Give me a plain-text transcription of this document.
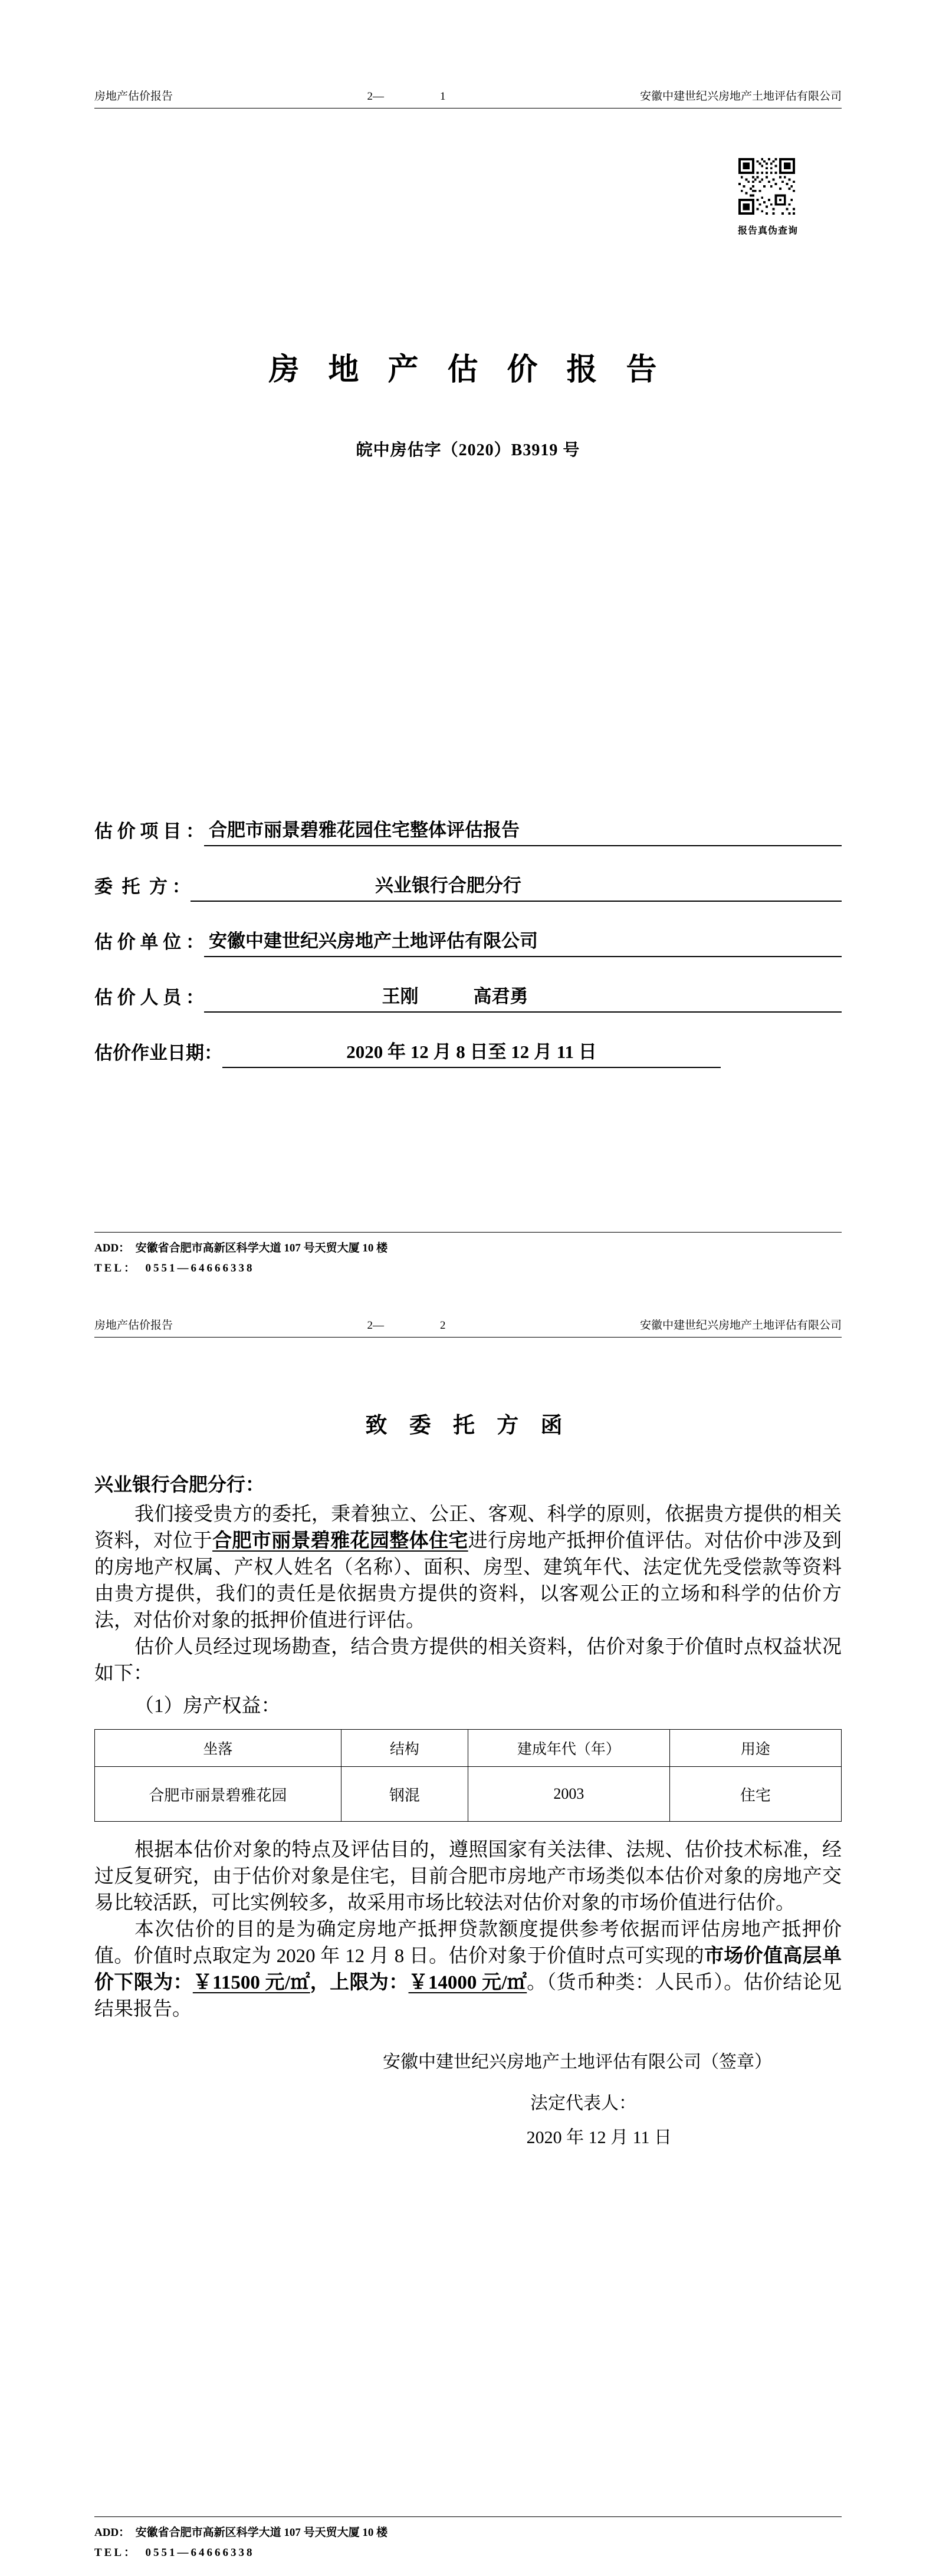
房地产估价报告	2—	1	安徽中建世纪兴房地产土地评估有限公司
报告真伪查询
房 地 产 估 价 报 告
皖中房估字（2020）B3919 号
估 价 项 目 ： 合肥市丽景碧雅花园住宅整体评估报告
委  托  方 ：	兴业银行合肥分行
估 价 单 位 ： 安徽中建世纪兴房地产土地评估有限公司
估 价 人 员 ：	王刚　　　高君勇
估价作业日期：	2020 年 12 月 8 日至 12 月 11 日
ADD：　安徽省合肥市高新区科学大道 107 号天贸大厦 10 楼
TEL：　0551—64666338
房地产估价报告	2—	2	安徽中建世纪兴房地产土地评估有限公司
致 委 托 方 函
兴业银行合肥分行：

我们接受贵方的委托，秉着独立、公正、客观、科学的原则，依据贵方提供的相关资料，对位于合肥市丽景碧雅花园整体住宅进行房地产抵押价值评估。对估价中涉及到的房地产权属、产权人姓名（名称）、面积、房型、建筑年代、法定优先受偿款等资料由贵方提供，我们的责任是依据贵方提供的资料，以客观公正的立场和科学的估价方法，对估价对象的抵押价值进行评估。

估价人员经过现场勘查，结合贵方提供的相关资料，估价对象于价值时点权益状况如下：

（1）房产权益：
坐落	结构	建成年代（年）	用途
合肥市丽景碧雅花园	钢混	2003	住宅

根据本估价对象的特点及评估目的，遵照国家有关法律、法规、估价技术标准，经过反复研究，由于估价对象是住宅，目前合肥市房地产市场类似本估价对象的房地产交易比较活跃，可比实例较多，故采用市场比较法对估价对象的市场价值进行估价。

本次估价的目的是为确定房地产抵押贷款额度提供参考依据而评估房地产抵押价值。价值时点取定为 2020 年 12 月 8 日。估价对象于价值时点可实现的市场价值高层单价下限为：￥11500 元/㎡，上限为：￥14000 元/㎡。（货币种类：人民币）。估价结论见结果报告。

安徽中建世纪兴房地产土地评估有限公司（签章）
法定代表人：
2020 年 12 月 11 日
ADD：　安徽省合肥市高新区科学大道 107 号天贸大厦 10 楼
TEL：　0551—64666338
